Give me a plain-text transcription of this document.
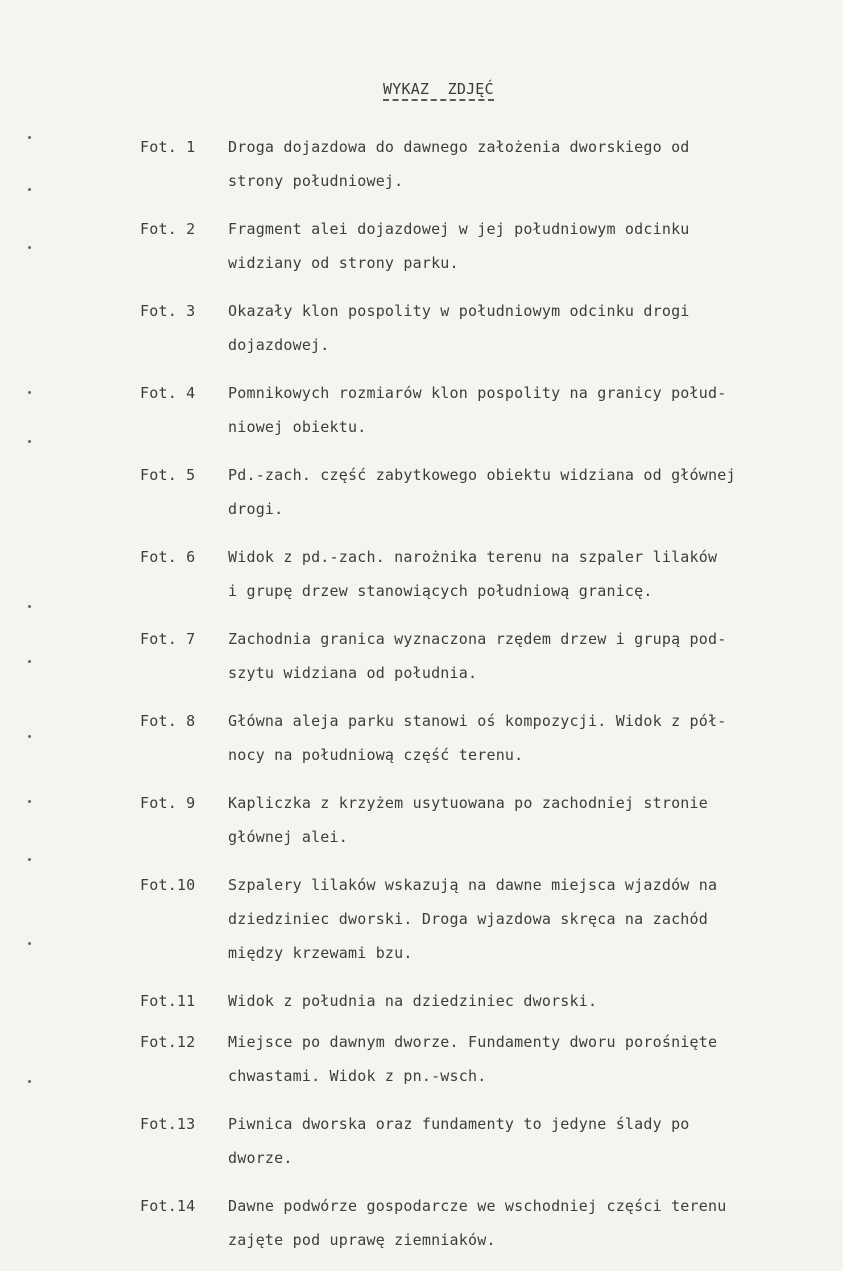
WYKAZ  ZDJĘĆ
Fot. 1	Droga dojazdowa do dawnego założenia dworskiego od
strony południowej.
Fot. 2	Fragment alei dojazdowej w jej południowym odcinku
widziany od strony parku.
Fot. 3	Okazały klon pospolity w południowym odcinku drogi
dojazdowej.
Fot. 4	Pomnikowych rozmiarów klon pospolity na granicy połud-
niowej obiektu.
Fot. 5	Pd.-zach. część zabytkowego obiektu widziana od głównej
drogi.
Fot. 6	Widok z pd.-zach. narożnika terenu na szpaler lilaków
i grupę drzew stanowiących południową granicę.
Fot. 7	Zachodnia granica wyznaczona rzędem drzew i grupą pod-
szytu widziana od południa.
Fot. 8	Główna aleja parku stanowi oś kompozycji. Widok z pół-
nocy na południową część terenu.
Fot. 9	Kapliczka z krzyżem usytuowana po zachodniej stronie
głównej alei.
Fot.10	Szpalery lilaków wskazują na dawne miejsca wjazdów na
dziedziniec dworski. Droga wjazdowa skręca na zachód
między krzewami bzu.
Fot.11	Widok z południa na dziedziniec dworski.
Fot.12	Miejsce po dawnym dworze. Fundamenty dworu porośnięte
chwastami. Widok z pn.-wsch.
Fot.13	Piwnica dworska oraz fundamenty to jedyne ślady po
dworze.
Fot.14	Dawne podwórze gospodarcze we wschodniej części terenu
zajęte pod uprawę ziemniaków.
